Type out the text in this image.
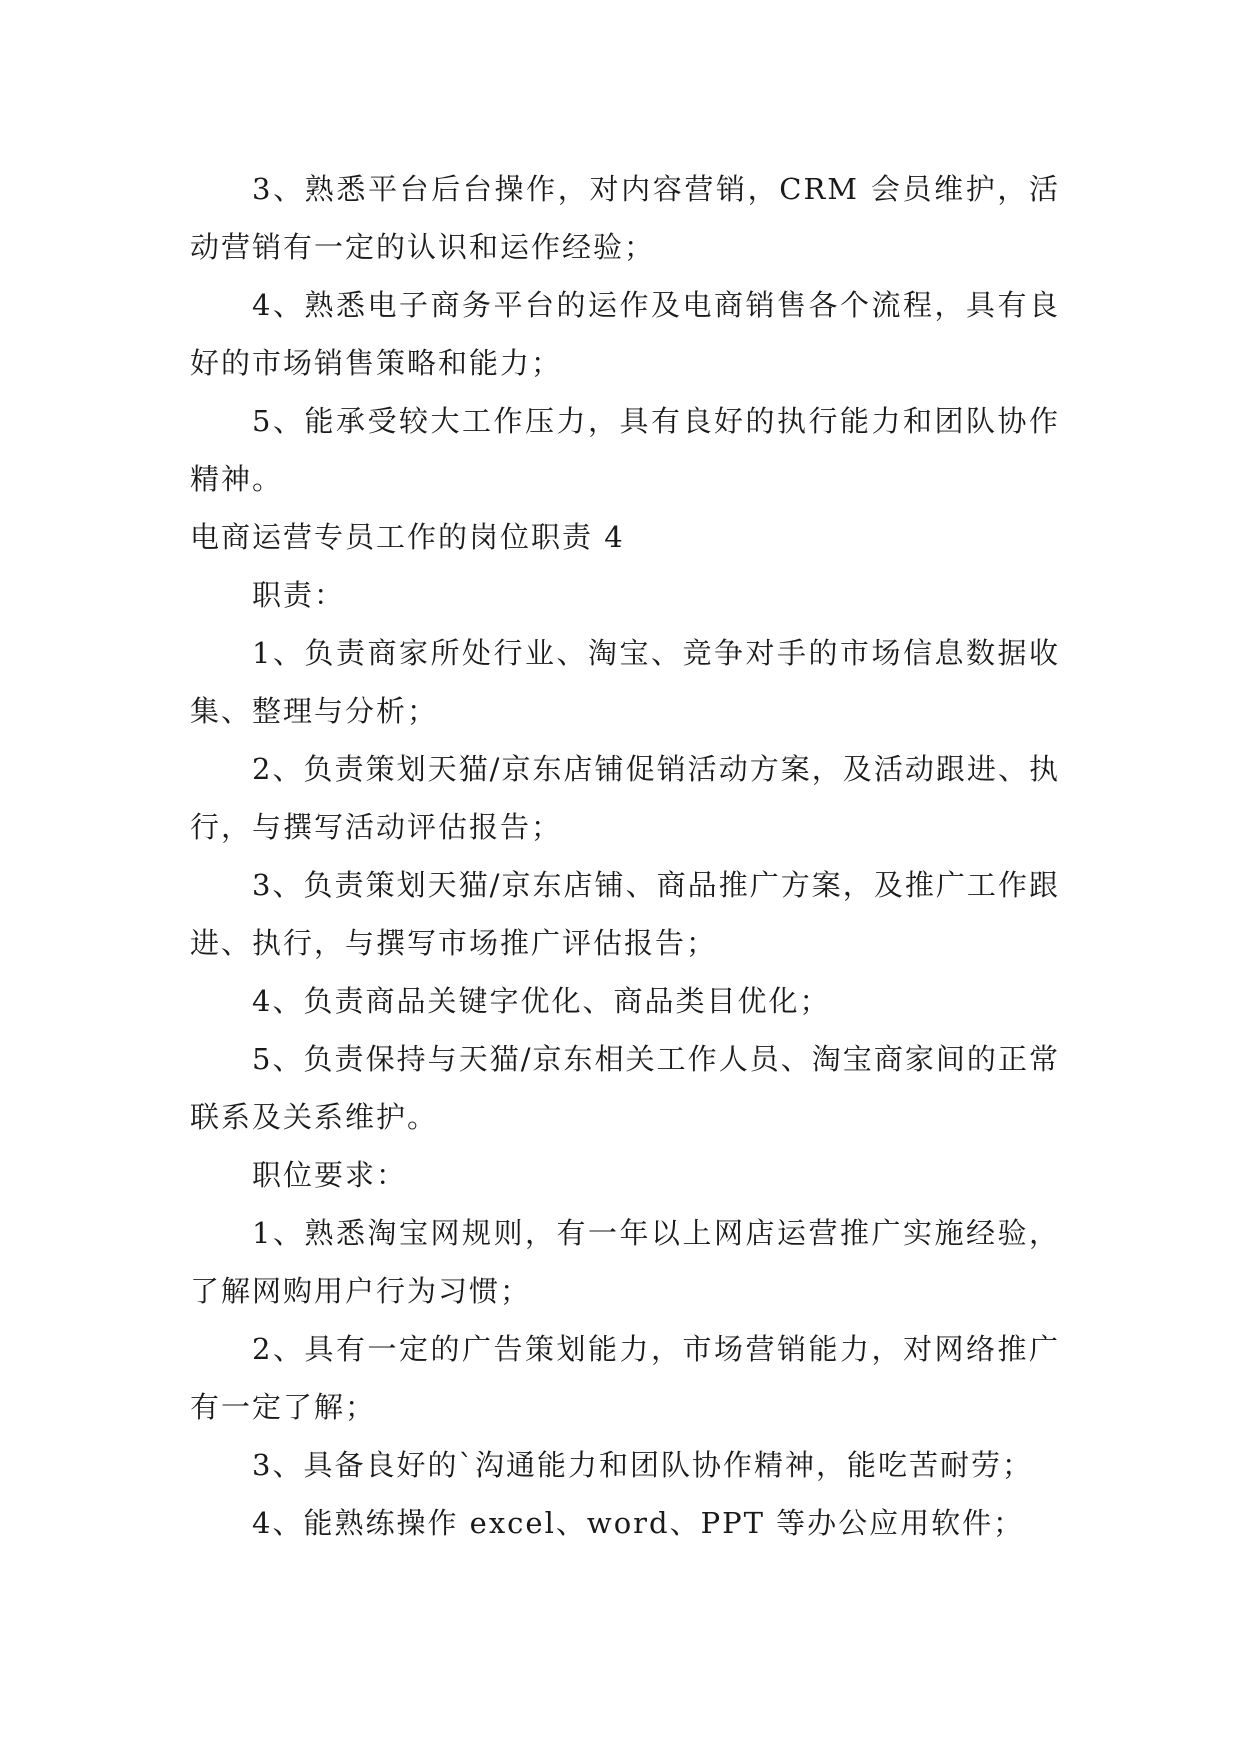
3、熟悉平台后台操作，对内容营销，CRM 会员维护，活动营销有一定的认识和运作经验；

4、熟悉电子商务平台的运作及电商销售各个流程，具有良好的市场销售策略和能力；

5、能承受较大工作压力，具有良好的执行能力和团队协作精神。

电商运营专员工作的岗位职责 4

职责：

1、负责商家所处行业、淘宝、竞争对手的市场信息数据收集、整理与分析；

2、负责策划天猫/京东店铺促销活动方案，及活动跟进、执行，与撰写活动评估报告；

3、负责策划天猫/京东店铺、商品推广方案，及推广工作跟进、执行，与撰写市场推广评估报告；

4、负责商品关键字优化、商品类目优化；

5、负责保持与天猫/京东相关工作人员、淘宝商家间的正常联系及关系维护。

职位要求：

1、熟悉淘宝网规则，有一年以上网店运营推广实施经验，了解网购用户行为习惯；

2、具有一定的广告策划能力，市场营销能力，对网络推广有一定了解；

3、具备良好的`沟通能力和团队协作精神，能吃苦耐劳；

4、能熟练操作 excel、word、PPT 等办公应用软件；
